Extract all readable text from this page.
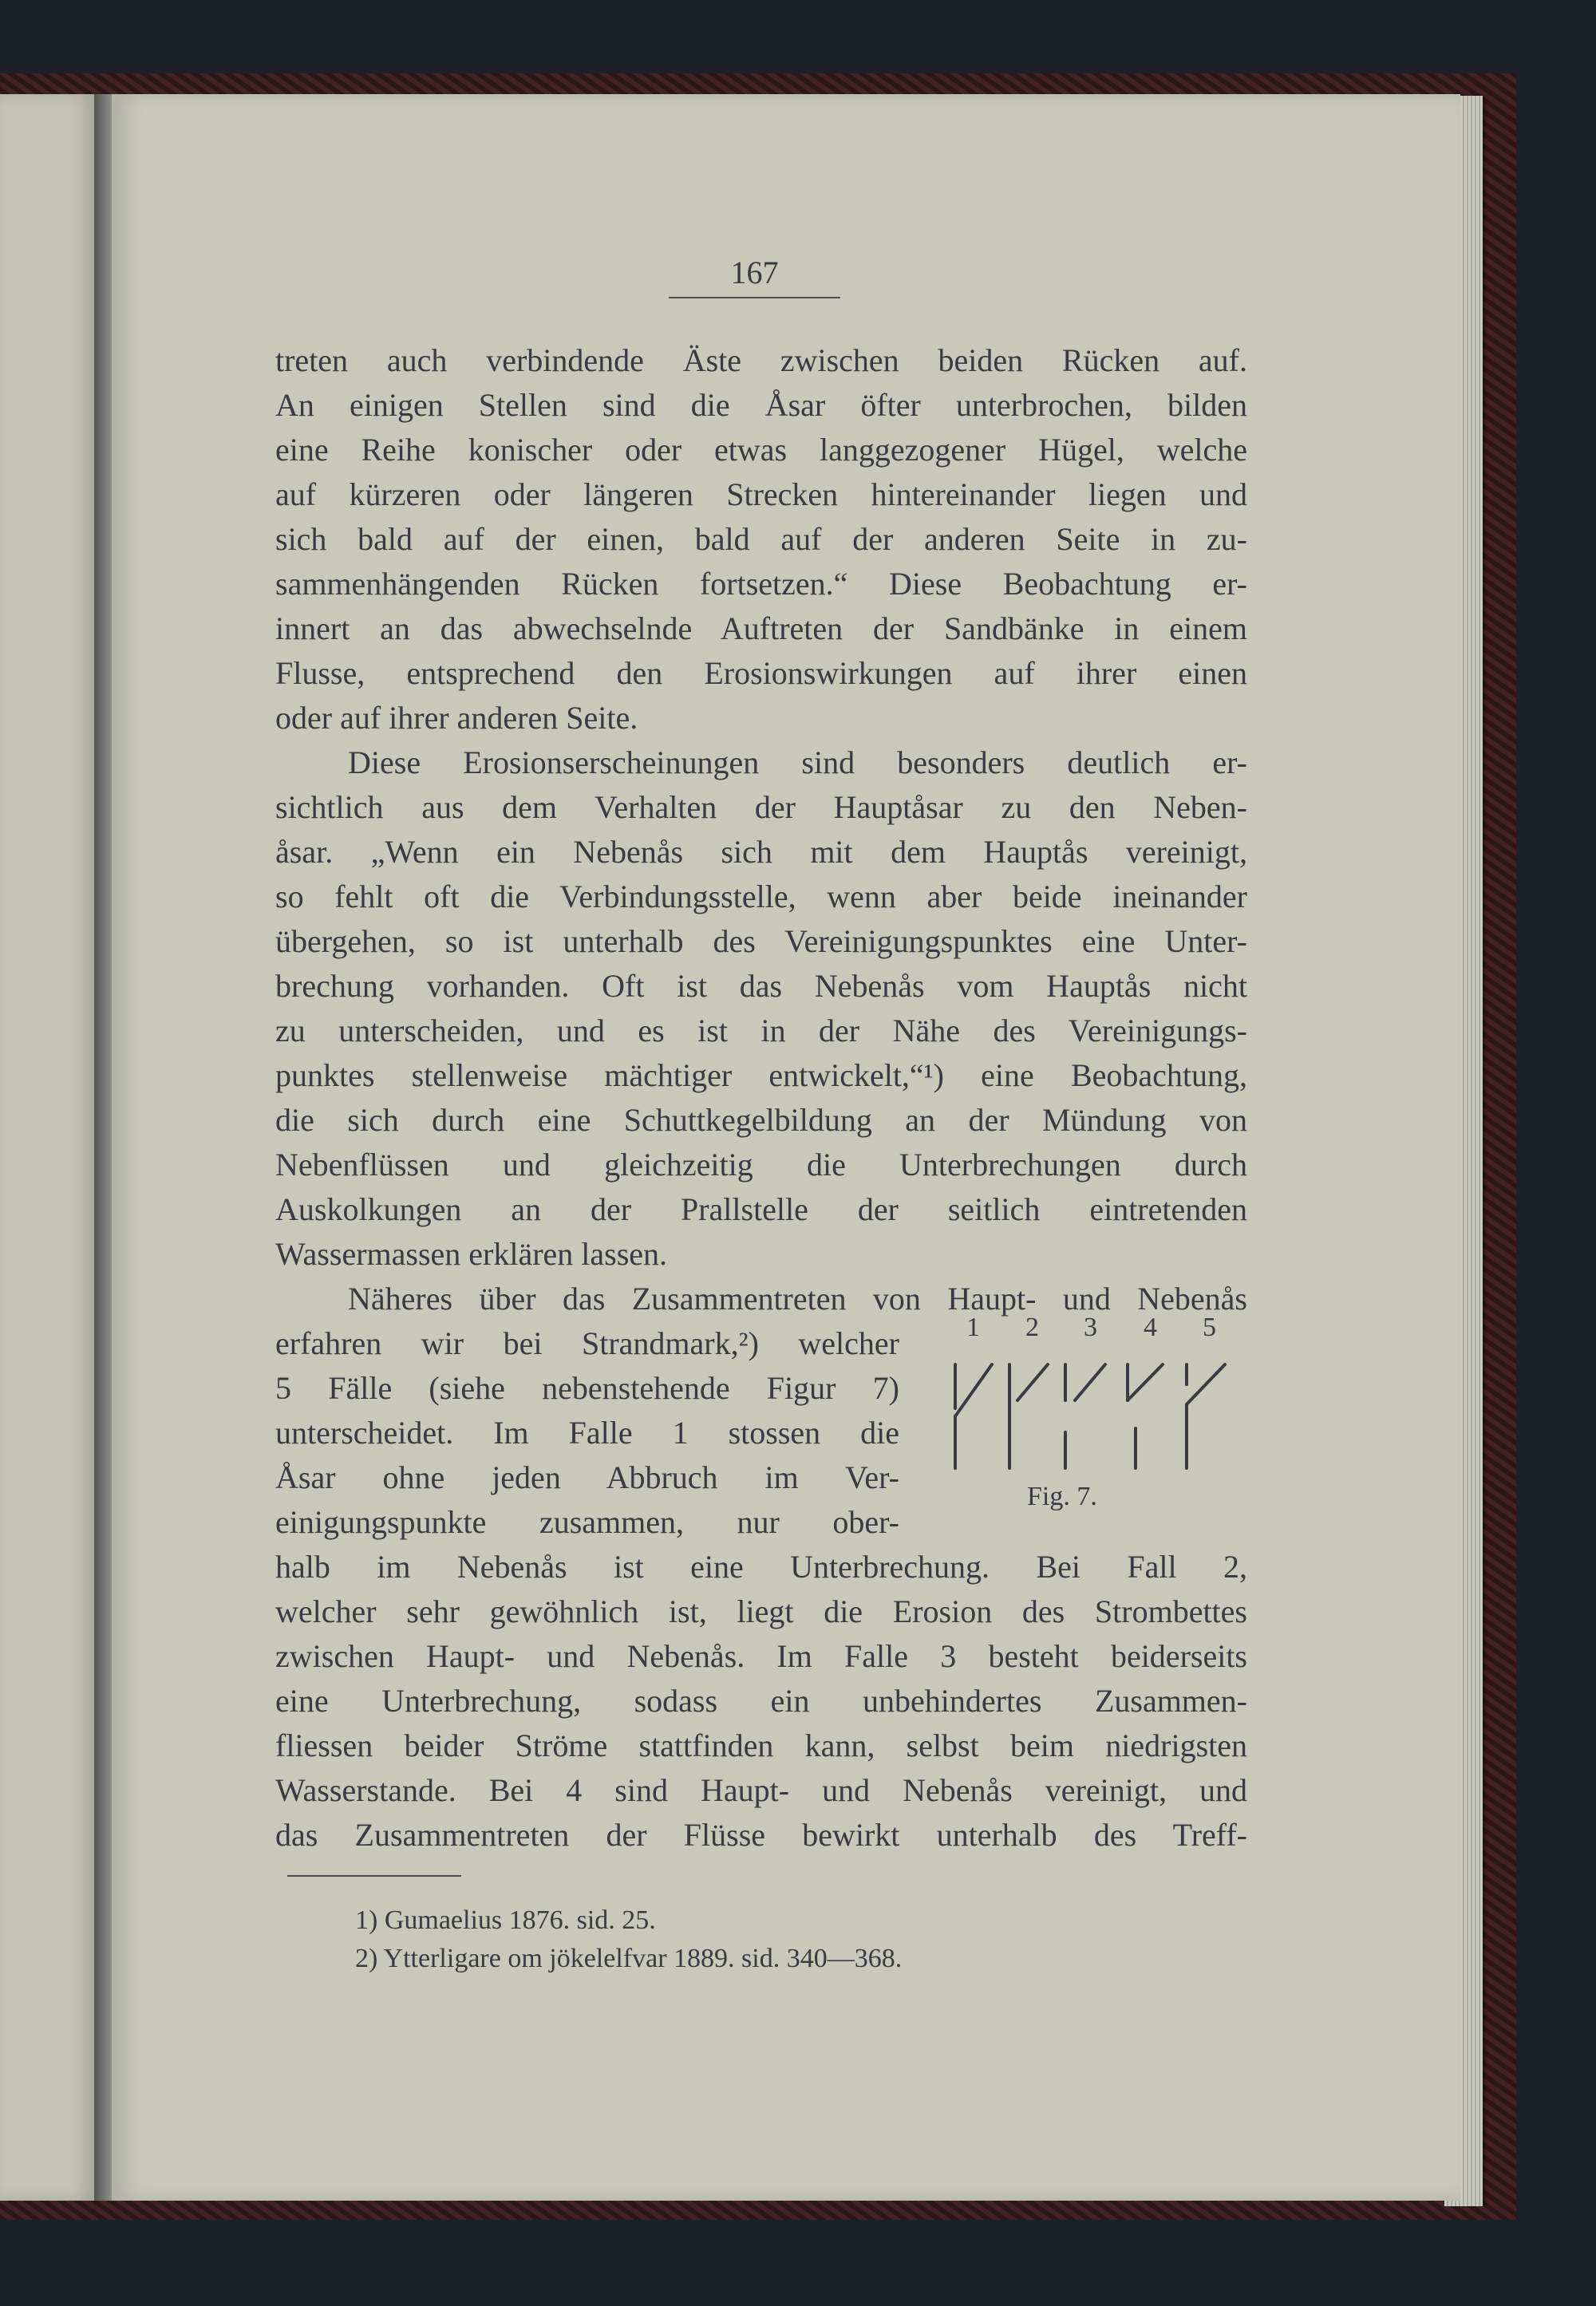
167
treten auch verbindende Äste zwischen beiden Rücken auf.
An einigen Stellen sind die Åsar öfter unterbrochen, bilden
eine Reihe konischer oder etwas langgezogener Hügel, welche
auf kürzeren oder längeren Strecken hintereinander liegen und
sich bald auf der einen, bald auf der anderen Seite in zu-
sammenhängenden Rücken fortsetzen.“ Diese Beobachtung er-
innert an das abwechselnde Auftreten der Sandbänke in einem
Flusse, entsprechend den Erosionswirkungen auf ihrer einen
oder auf ihrer anderen Seite.
Diese Erosionserscheinungen sind besonders deutlich er-
sichtlich aus dem Verhalten der Hauptåsar zu den Neben-
åsar. „Wenn ein Nebenås sich mit dem Hauptås vereinigt,
so fehlt oft die Verbindungsstelle, wenn aber beide ineinander
übergehen, so ist unterhalb des Vereinigungspunktes eine Unter-
brechung vorhanden. Oft ist das Nebenås vom Hauptås nicht
zu unterscheiden, und es ist in der Nähe des Vereinigungs-
punktes stellenweise mächtiger entwickelt,“¹) eine Beobachtung,
die sich durch eine Schuttkegelbildung an der Mündung von
Nebenflüssen und gleichzeitig die Unterbrechungen durch
Auskolkungen an der Prallstelle der seitlich eintretenden
Wassermassen erklären lassen.
Näheres über das Zusammentreten von Haupt- und Nebenås
erfahren wir bei Strandmark,²) welcher
5 Fälle (siehe nebenstehende Figur 7)
unterscheidet. Im Falle 1 stossen die
Åsar ohne jeden Abbruch im Ver-
einigungspunkte zusammen, nur ober-
halb im Nebenås ist eine Unterbrechung. Bei Fall 2,
welcher sehr gewöhnlich ist, liegt die Erosion des Strombettes
zwischen Haupt- und Nebenås. Im Falle 3 besteht beiderseits
eine Unterbrechung, sodass ein unbehindertes Zusammen-
fliessen beider Ströme stattfinden kann, selbst beim niedrigsten
Wasserstande. Bei 4 sind Haupt- und Nebenås vereinigt, und
das Zusammentreten der Flüsse bewirkt unterhalb des Treff-
1 2 3 4 5
Fig. 7.
1) Gumaelius 1876. sid. 25.
2) Ytterligare om jökelelfvar 1889. sid. 340—368.
